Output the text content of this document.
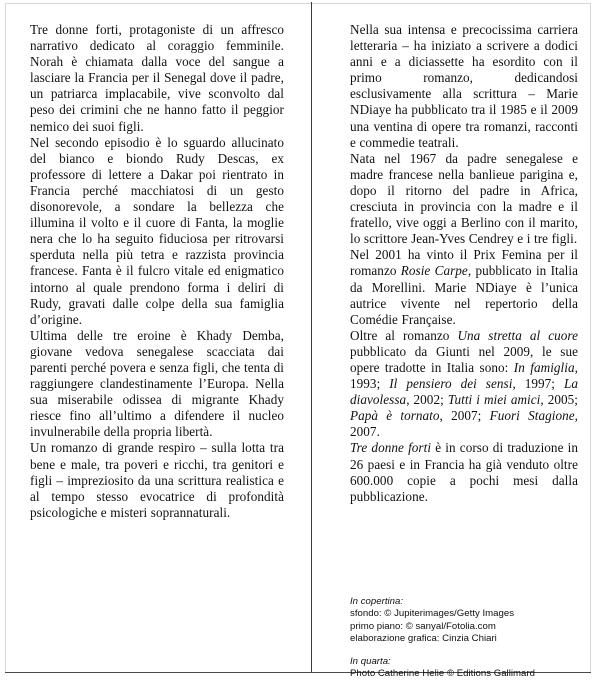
Tre donne forti, protagoniste di un affresco narrativo dedicato al coraggio femminile. Norah è chiamata dalla voce del sangue a lasciare la Francia per il Senegal dove il padre, un patriarca implacabile, vive sconvolto dal peso dei crimini che ne hanno fatto il peggior nemico dei suoi figli.

Nel secondo episodio è lo sguardo allucinato del bianco e biondo Rudy Descas, ex professore di lettere a Dakar poi rientrato in Francia perché macchiatosi di un gesto disonorevole, a sondare la bellezza che illumina il volto e il cuore di Fanta, la moglie nera che lo ha seguito fiduciosa per ritrovarsi sperduta nella più tetra e razzista provincia francese. Fanta è il fulcro vitale ed enigmatico intorno al quale prendono forma i deliri di Rudy, gravati dalle colpe della sua famiglia d’origine.

Ultima delle tre eroine è Khady Demba, giovane vedova senegalese scacciata dai parenti perché povera e senza figli, che tenta di raggiungere clandestinamente l’Europa. Nella sua miserabile odissea di migrante Khady riesce fino all’ultimo a difendere il nucleo invulnerabile della propria libertà.

Un romanzo di grande respiro – sulla lotta tra bene e male, tra poveri e ricchi, tra genitori e figli – impreziosito da una scrittura realistica e al tempo stesso evocatrice di profondità psicologiche e misteri soprannaturali.

Nella sua intensa e precocissima carriera letteraria – ha iniziato a scrivere a dodici anni e a diciassette ha esordito con il primo romanzo, dedicandosi esclusivamente alla scrittura – Marie NDiaye ha pubblicato tra il 1985 e il 2009 una ventina di opere tra romanzi, racconti e commedie teatrali.

Nata nel 1967 da padre senegalese e madre francese nella banlieue parigina e, dopo il ritorno del padre in Africa, cresciuta in provincia con la madre e il fratello, vive oggi a Berlino con il marito, lo scrittore Jean-Yves Cendrey e i tre figli.

Nel 2001 ha vinto il Prix Femina per il romanzo Rosie Carpe, pubblicato in Italia da Morellini. Marie NDiaye è l’unica autrice vivente nel repertorio della Comédie Française.

Oltre al romanzo Una stretta al cuore pubblicato da Giunti nel 2009, le sue opere tradotte in Italia sono: In famiglia, 1993; Il pensiero dei sensi, 1997; La diavolessa, 2002; Tutti i miei amici, 2005; Papà è tornato, 2007; Fuori Stagione, 2007.

Tre donne forti è in corso di traduzione in 26 paesi e in Francia ha già venduto oltre 600.000 copie a pochi mesi dalla pubblicazione.

In copertina:

sfondo: © Jupiterimages/Getty Images

primo piano: © sanyal/Fotolia.com

elaborazione grafica: Cinzia Chiari

In quarta:

Photo Catherine Helie © Editions Gallimard
